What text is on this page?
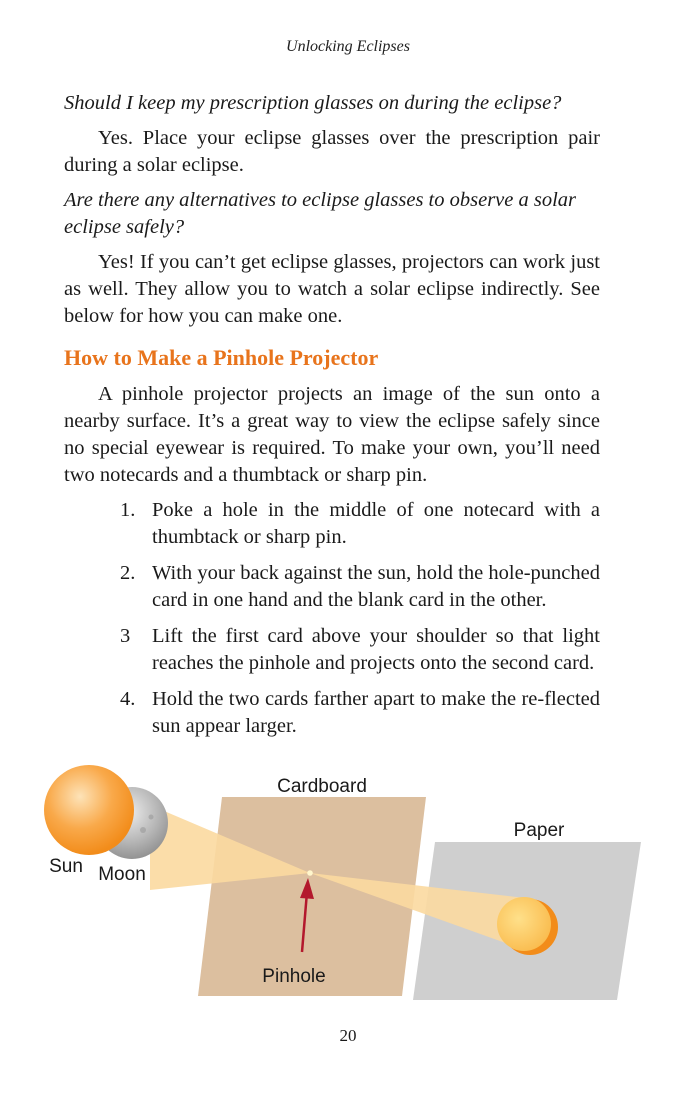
Unlocking Eclipses

Should I keep my prescription glasses on during the eclipse?

Yes. Place your eclipse glasses over the prescription pair during a solar eclipse.

Are there any alternatives to eclipse glasses to observe a solar eclipse safely?

Yes! If you can’t get eclipse glasses, projectors can work just as well. They allow you to watch a solar eclipse indirectly. See below for how you can make one.

How to Make a Pinhole Projector

A pinhole projector projects an image of the sun onto a nearby surface. It’s a great way to view the eclipse safely since no special eyewear is required. To make your own, you’ll need two notecards and a thumbtack or sharp pin.

1. Poke a hole in the middle of one notecard with a thumbtack or sharp pin.
2. With your back against the sun, hold the hole-punched card in one hand and the blank card in the other.
3 Lift the first card above your shoulder so that light reaches the pinhole and projects onto the second card.
4. Hold the two cards farther apart to make the re-flected sun appear larger.
Cardboard
Paper
Sun Moon
Pinhole
20
